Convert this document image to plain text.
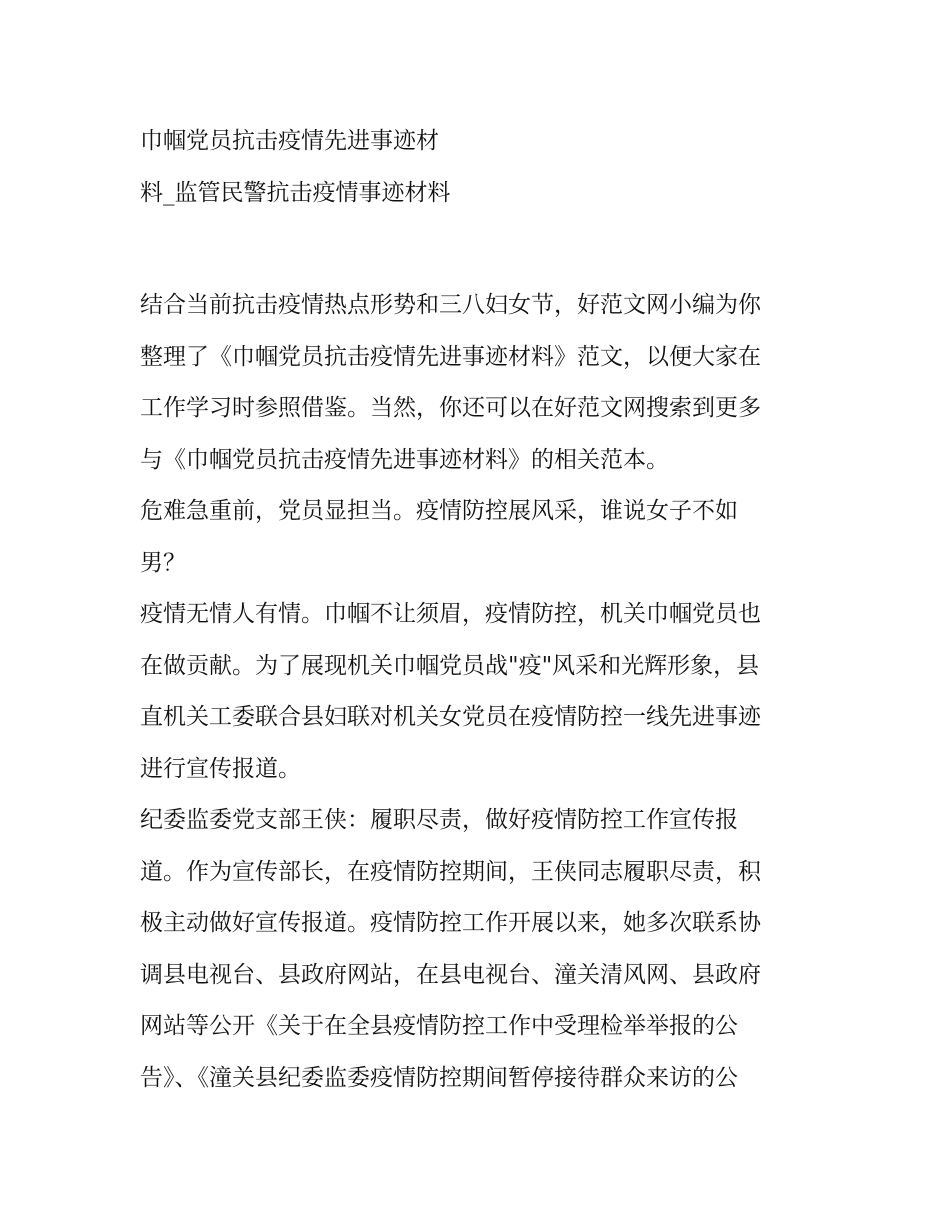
巾帼党员抗击疫情先进事迹材
料_监管民警抗击疫情事迹材料
结合当前抗击疫情热点形势和三八妇女节，好范文网小编为你
整理了《巾帼党员抗击疫情先进事迹材料》范文，以便大家在
工作学习时参照借鉴。当然，你还可以在好范文网搜索到更多
与《巾帼党员抗击疫情先进事迹材料》的相关范本。
危难急重前，党员显担当。疫情防控展风采，谁说女子不如
男？
疫情无情人有情。巾帼不让须眉，疫情防控，机关巾帼党员也
在做贡献。为了展现机关巾帼党员战"疫"风采和光辉形象，县
直机关工委联合县妇联对机关女党员在疫情防控一线先进事迹
进行宣传报道。
纪委监委党支部王侠：履职尽责，做好疫情防控工作宣传报
道。作为宣传部长，在疫情防控期间，王侠同志履职尽责，积
极主动做好宣传报道。疫情防控工作开展以来，她多次联系协
调县电视台、县政府网站，在县电视台、潼关清风网、县政府
网站等公开《关于在全县疫情防控工作中受理检举举报的公
告》、《潼关县纪委监委疫情防控期间暂停接待群众来访的公
